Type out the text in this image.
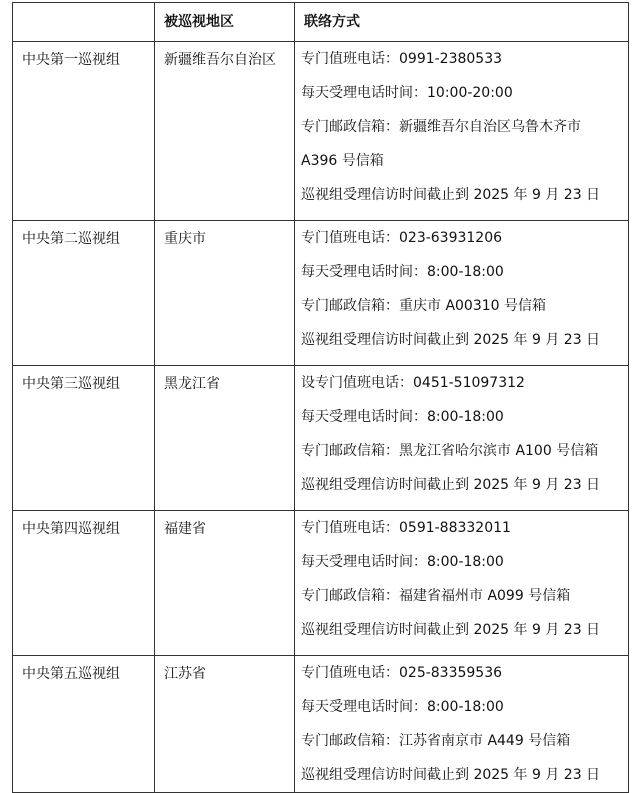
	被巡视地区	联络方式
中央第一巡视组	新疆维吾尔自治区	专门值班电话：0991-2380533
每天受理电话时间：10:00-20:00
专门邮政信箱：新疆维吾尔自治区乌鲁木齐市
A396 号信箱
巡视组受理信访时间截止到 2025 年 9 月 23 日

中央第二巡视组	重庆市	专门值班电话：023-63931206
每天受理电话时间：8:00-18:00
专门邮政信箱：重庆市 A00310 号信箱
巡视组受理信访时间截止到 2025 年 9 月 23 日

中央第三巡视组	黑龙江省	设专门值班电话：0451-51097312
每天受理电话时间：8:00-18:00
专门邮政信箱：黑龙江省哈尔滨市 A100 号信箱
巡视组受理信访时间截止到 2025 年 9 月 23 日

中央第四巡视组	福建省	专门值班电话：0591-88332011
每天受理电话时间：8:00-18:00
专门邮政信箱：福建省福州市 A099 号信箱
巡视组受理信访时间截止到 2025 年 9 月 23 日

中央第五巡视组	江苏省	专门值班电话：025-83359536
每天受理电话时间：8:00-18:00
专门邮政信箱：江苏省南京市 A449 号信箱
巡视组受理信访时间截止到 2025 年 9 月 23 日
